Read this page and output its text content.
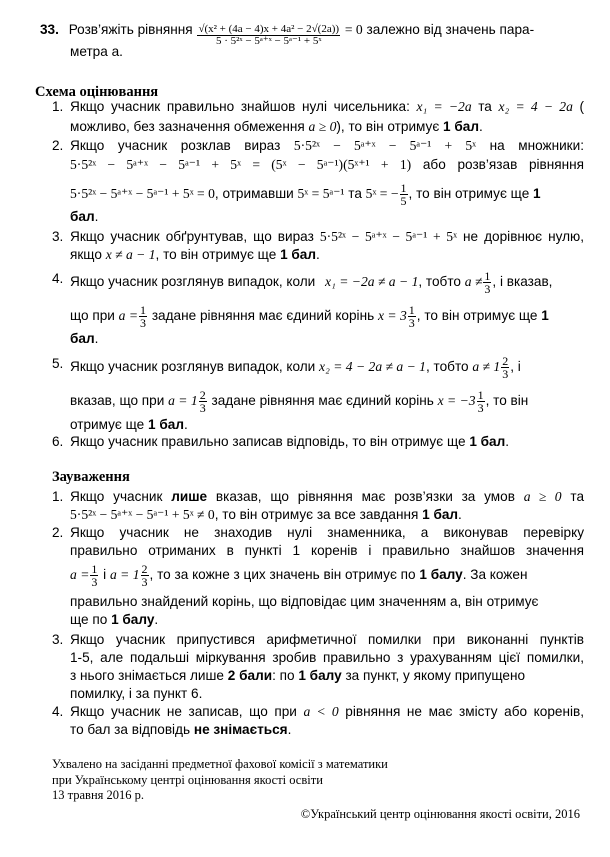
33. Розв’яжіть рівняння $\frac{\text{√(x² + (4a − 4)x + 4a² − 2√(2a))}}{\text{5 · 5²ˣ − 5ᵃ⁺ˣ − 5ᵃ⁻¹ + 5ˣ}} = 0$ залежно від значень пара-
метра a.
Схема оцінювання
1. Якщо учасник правильно знайшов нулі чисельника: x₁ = −2a та x₂ = 4 − 2a (
можливо, без зазначення обмеження a ≥ 0), то він отримує 1 бал.
2. Якщо учасник розклав вираз 5·5²ˣ − 5ᵃ⁺ˣ − 5ᵃ⁻¹ + 5ˣ на множники:
5·5²ˣ − 5ᵃ⁺ˣ − 5ᵃ⁻¹ + 5ˣ = (5ˣ − 5ᵃ⁻¹)(5ˣ⁺¹ + 1) або розв’язав рівняння
5·5²ˣ − 5ᵃ⁺ˣ − 5ᵃ⁻¹ + 5ˣ = 0, отримавши 5ˣ = 5ᵃ⁻¹ та 5ˣ = − $\frac{1}{5}$ , то він отримує ще 1
бал.
3. Якщо учасник обґрунтував, що вираз 5·5²ˣ − 5ᵃ⁺ˣ − 5ᵃ⁻¹ + 5ˣ не дорівнює нулю,
якщо x ≠ a − 1, то він отримує ще 1 бал.
4. Якщо учасник розглянув випадок, коли x₁ = −2a ≠ a − 1, тобто $a \ne \frac{1}{3}$ , і вказав,
що при $a = \frac{1}{3}$ задане рівняння має єдиний корінь $x = 3 \frac{1}{3}$ , то він отримує ще 1
бал.
5. Якщо учасник розглянув випадок, коли x₂ = 4 − 2a ≠ a − 1, тобто $a \ne 1 \frac{2}{3}$ , і
вказав, що при $a = 1 \frac{2}{3}$ задане рівняння має єдиний корінь $x = -3 \frac{1}{3}$ , то він
отримує ще 1 бал.
6. Якщо учасник правильно записав відповідь, то він отримує ще 1 бал.
Зауваження
1. Якщо учасник лише вказав, що рівняння має розв’язки за умов a ≥ 0 та
5·5²ˣ − 5ᵃ⁺ˣ − 5ᵃ⁻¹ + 5ˣ ≠ 0, то він отримує за все завдання 1 бал.
2. Якщо учасник не знаходив нулі знаменника, а виконував перевірку
правильно отриманих в пункті 1 коренів і правильно знайшов значення
$a = \frac{1}{3}$ і $a = 1 \frac{2}{3}$ , то за кожне з цих значень він отримує по 1 балу. За кожен
правильно знайдений корінь, що відповідає цим значенням a, він отримує
ще по 1 балу.
3. Якщо учасник припустився арифметичної помилки при виконанні пунктів
1-5, але подальші міркування зробив правильно з урахуванням цієї помилки,
з нього знімається лише 2 бали: по 1 балу за пункт, у якому припущено
помилку, і за пункт 6.
4. Якщо учасник не записав, що при a < 0 рівняння не має змісту або коренів,
то бал за відповідь не знімається.
Ухвалено на засіданні предметної фахової комісії з математики
при Українському центрі оцінювання якості освіти
13 травня 2016 р.
©Український центр оцінювання якості освіти, 2016
